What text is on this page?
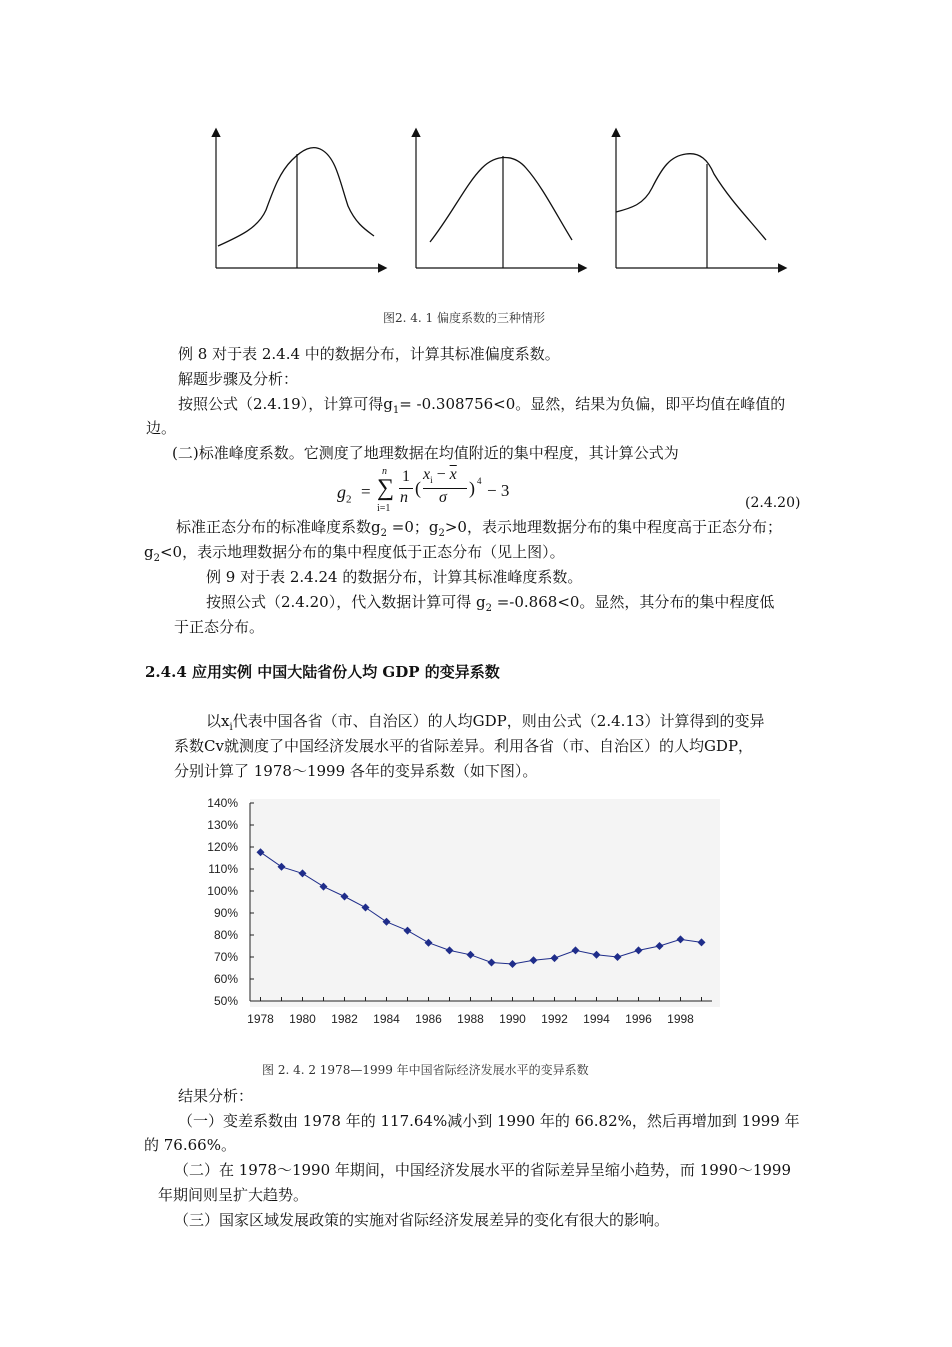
图2. 4. 1 偏度系数的三种情形
例 8 对于表 2.4.4 中的数据分布，计算其标准偏度系数。
解题步骤及分析：
按照公式（2.4.19），计算可得$g_1= -0.308756<0$。显然，结果为负偏，即平均值在峰值的
边。
(二)标准峰度系数。它测度了地理数据在均值附近的集中程度，其计算公式为
$g_2$ =
n
∑
i=1
1
n (
$x_i - \overline{x}$
σ ) 4 − 3
(2.4.20)
标准正态分布的标准峰度系数$g_2 =0$；$g_2>0$，表示地理数据分布的集中程度高于正态分布；
$g_2<0$，表示地理数据分布的集中程度低于正态分布（见上图）。
例 9 对于表 2.4.24 的数据分布，计算其标准峰度系数。
按照公式（2.4.20），代入数据计算可得 $g_2 =-0.868<0$。显然，其分布的集中程度低
于正态分布。
2.4.4 应用实例 中国大陆省份人均 GDP 的变异系数
以$x_i$代表中国各省（市、自治区）的人均GDP，则由公式（2.4.13）计算得到的变异
系数Cv就测度了中国经济发展水平的省际差异。利用各省（市、自治区）的人均GDP，
分别计算了 1978～1999 各年的变异系数（如下图）。
50%
60%
70%
80%
90%
100%
110%
120%
130%
140%
1978 1980 1982 1984 1986 1988 1990 1992 1994 1996 1998
图 2. 4. 2 1978—1999 年中国省际经济发展水平的变异系数
结果分析：
（一）变差系数由 1978 年的 117.64%减小到 1990 年的 66.82%，然后再增加到 1999 年
的 76.66%。
（二）在 1978～1990 年期间，中国经济发展水平的省际差异呈缩小趋势，而 1990～1999
年期间则呈扩大趋势。
（三）国家区域发展政策的实施对省际经济发展差异的变化有很大的影响。
